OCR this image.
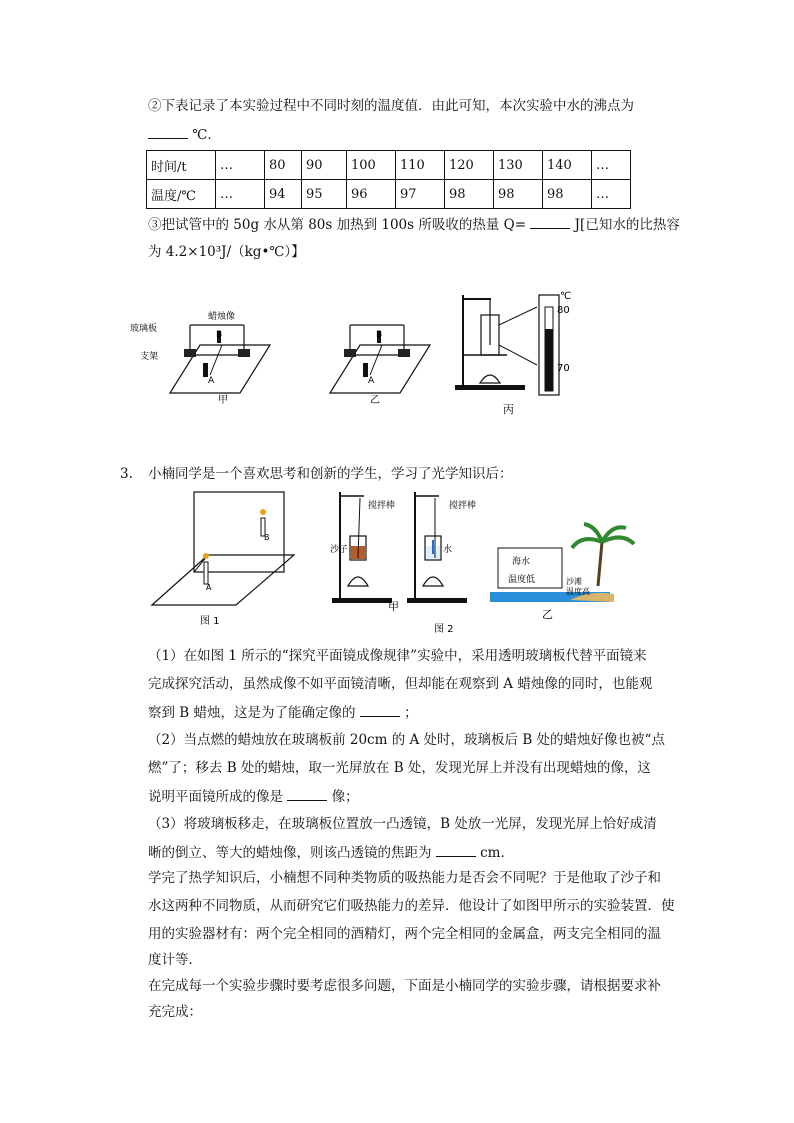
②下表记录了本实验过程中不同时刻的温度值．由此可知，本次实验中水的沸点为
℃．
时间/t	…	80	90	100	110	120	130	140	…
温度/℃	…	94	95	96	97	98	98	98	…
③把试管中的 50g 水从第 80s 加热到 100s 所吸收的热量 Q=	J[已知水的比热容
为 4.2×10³J/（kg•℃）】
B
A
蜡烛像
玻璃板
支架
甲
B
A
乙
℃
80
70
丙
3. 小楠同学是一个喜欢思考和创新的学生，学习了光学知识后：
A
B
图 1
搅拌棒
沙子
搅拌棒
水
甲
海水
温度低	沙滩
温度高
乙
图 2
（1）在如图 1 所示的“探究平面镜成像规律”实验中，采用透明玻璃板代替平面镜来
完成探究活动，虽然成像不如平面镜清晰，但却能在观察到 A 蜡烛像的同时，也能观
察到 B 蜡烛，这是为了能确定像的	；
（2）当点燃的蜡烛放在玻璃板前 20cm 的 A 处时，玻璃板后 B 处的蜡烛好像也被“点
燃”了；移去 B 处的蜡烛，取一光屏放在 B 处，发现光屏上并没有出现蜡烛的像，这
说明平面镜所成的像是	像；
（3）将玻璃板移走，在玻璃板位置放一凸透镜，B 处放一光屏，发现光屏上恰好成清
晰的倒立、等大的蜡烛像，则该凸透镜的焦距为	cm．
学完了热学知识后，小楠想不同种类物质的吸热能力是否会不同呢？于是他取了沙子和
水这两种不同物质，从而研究它们吸热能力的差异．他设计了如图甲所示的实验装置．使
用的实验器材有：两个完全相同的酒精灯，两个完全相同的金属盒，两支完全相同的温
度计等．
在完成每一个实验步骤时要考虑很多问题，下面是小楠同学的实验步骤，请根据要求补
充完成：
